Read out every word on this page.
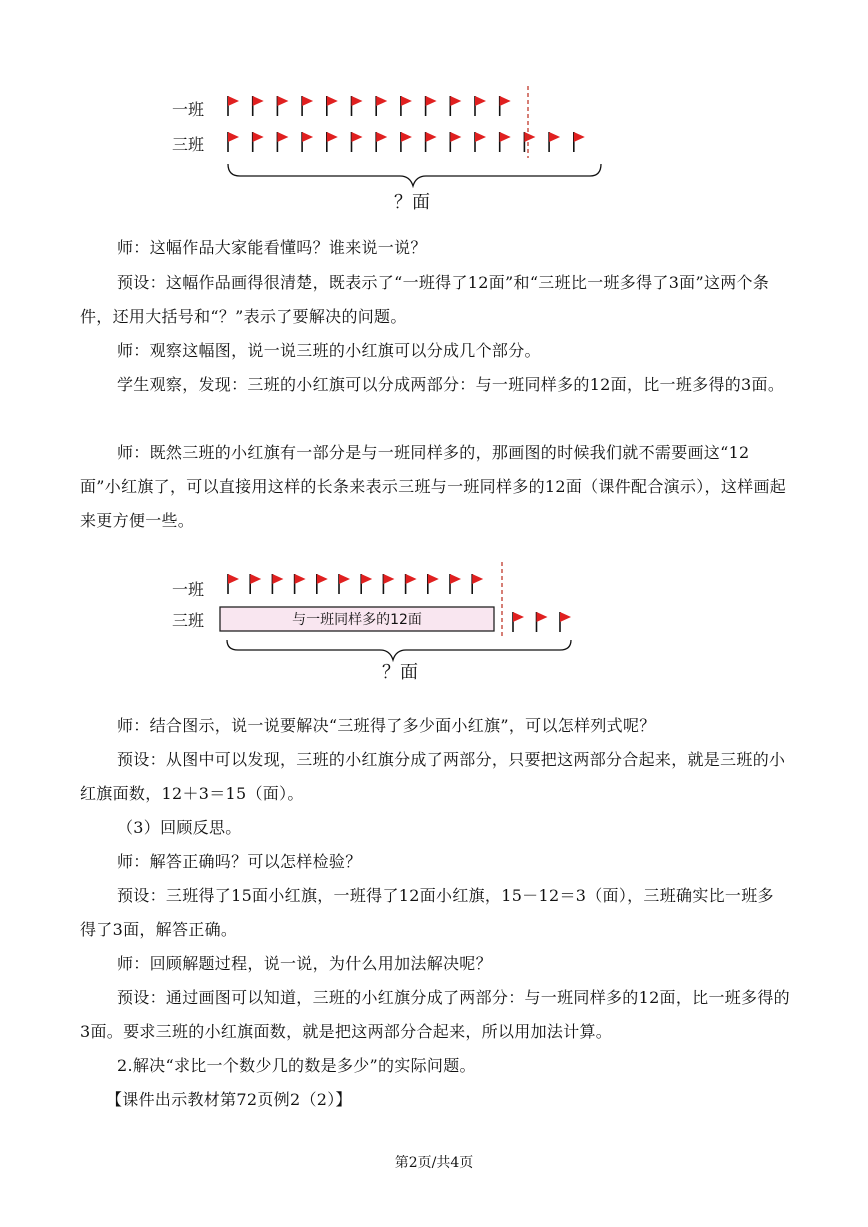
一班
三班
？面

师：这幅作品大家能看懂吗？谁来说一说？

预设：这幅作品画得很清楚，既表示了“一班得了12面”和“三班比一班多得了3面”这两个条件，还用大括号和“？”表示了要解决的问题。

师：观察这幅图，说一说三班的小红旗可以分成几个部分。

学生观察，发现：三班的小红旗可以分成两部分：与一班同样多的12面，比一班多得的3面。

师：既然三班的小红旗有一部分是与一班同样多的，那画图的时候我们就不需要画这“12面”小红旗了，可以直接用这样的长条来表示三班与一班同样多的12面（课件配合演示），这样画起来更方便一些。

一班
三班	与一班同样多的12面
？面

师：结合图示，说一说要解决“三班得了多少面小红旗”，可以怎样列式呢？

预设：从图中可以发现，三班的小红旗分成了两部分，只要把这两部分合起来，就是三班的小红旗面数，12＋3＝15（面）。

（3）回顾反思。

师：解答正确吗？可以怎样检验？

预设：三班得了15面小红旗，一班得了12面小红旗，15－12＝3（面），三班确实比一班多得了3面，解答正确。

师：回顾解题过程，说一说，为什么用加法解决呢？

预设：通过画图可以知道，三班的小红旗分成了两部分：与一班同样多的12面，比一班多得的3面。要求三班的小红旗面数，就是把这两部分合起来，所以用加法计算。

2.解决“求比一个数少几的数是多少”的实际问题。

【课件出示教材第72页例2（2）】

第2页/共4页
